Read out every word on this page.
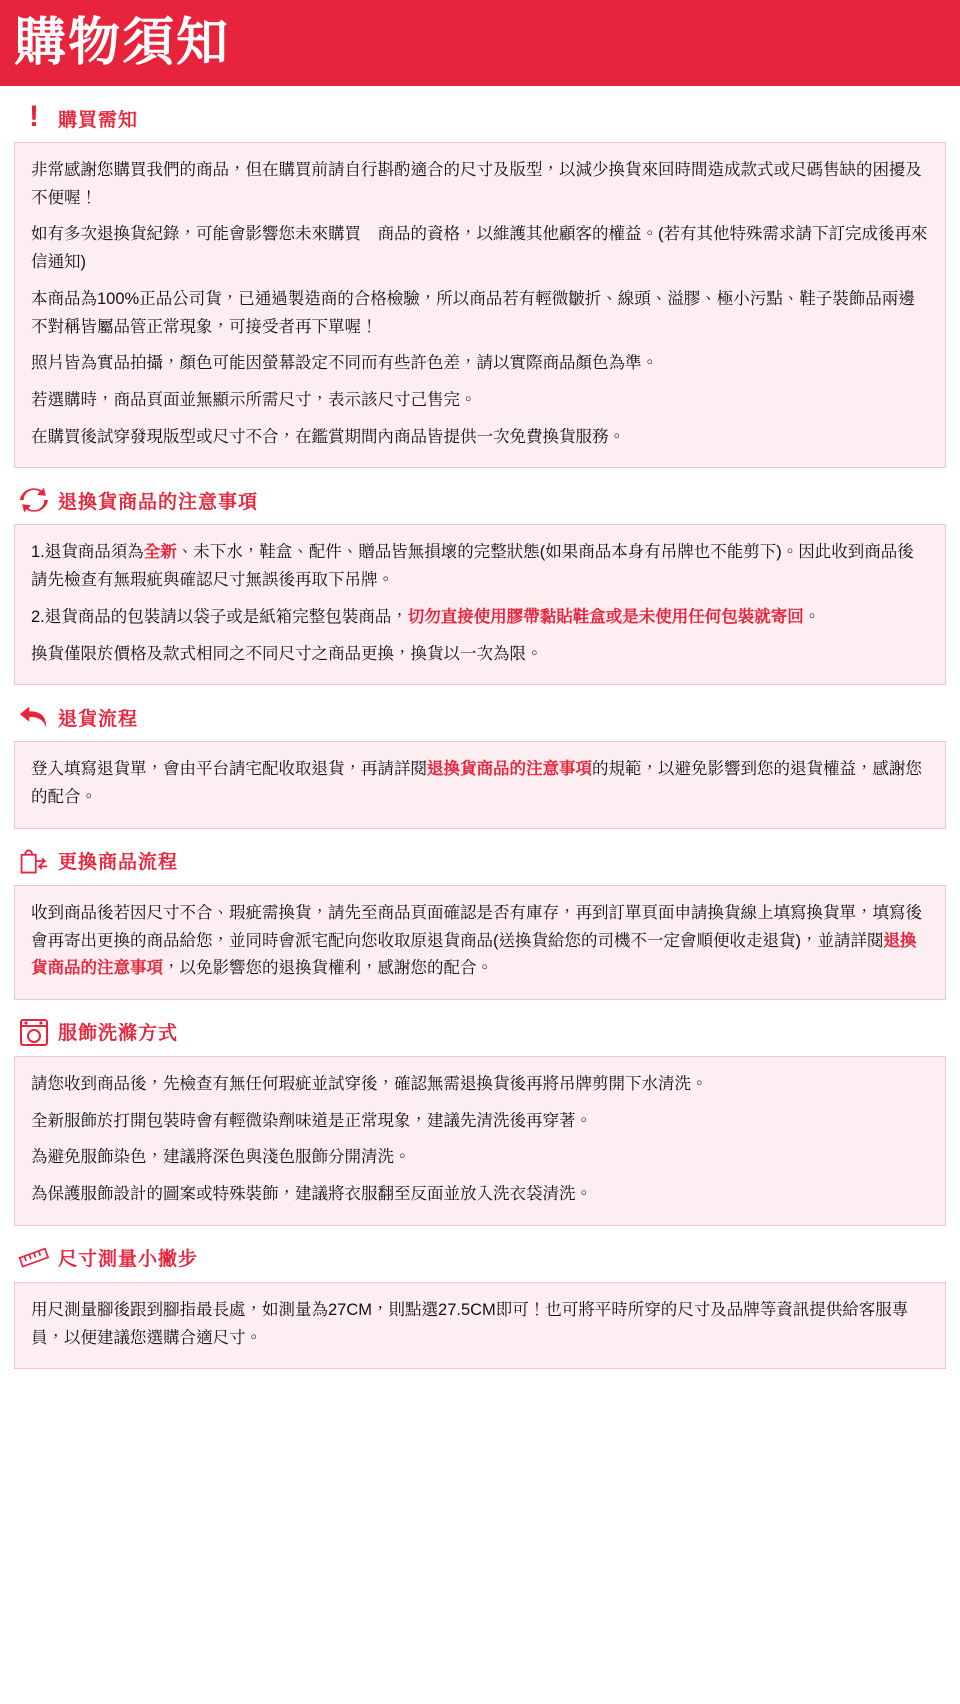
購物須知
! 購買需知

非常感謝您購買我們的商品，但在購買前請自行斟酌適合的尺寸及版型，以減少換貨來回時間造成款式或尺碼售缺的困擾及不便喔！

如有多次退換貨紀錄，可能會影響您未來購買　商品的資格，以維護其他顧客的權益。(若有其他特殊需求請下訂完成後再來信通知)

本商品為100%正品公司貨，已通過製造商的合格檢驗，所以商品若有輕微皺折、線頭、溢膠、極小污點、鞋子裝飾品兩邊不對稱皆屬品管正常現象，可接受者再下單喔！

照片皆為實品拍攝，顏色可能因螢幕設定不同而有些許色差，請以實際商品顏色為準。

若選購時，商品頁面並無顯示所需尺寸，表示該尺寸己售完。

在購買後試穿發現版型或尺寸不合，在鑑賞期間內商品皆提供一次免費換貨服務。

退換貨商品的注意事項

1.退貨商品須為全新、未下水，鞋盒、配件、贈品皆無損壞的完整狀態(如果商品本身有吊牌也不能剪下)。因此收到商品後請先檢查有無瑕疵與確認尺寸無誤後再取下吊牌。

2.退貨商品的包裝請以袋子或是紙箱完整包裝商品，切勿直接使用膠帶黏貼鞋盒或是未使用任何包裝就寄回。

換貨僅限於價格及款式相同之不同尺寸之商品更換，換貨以一次為限。

退貨流程

登入填寫退貨單，會由平台請宅配收取退貨，再請詳閱退換貨商品的注意事項的規範，以避免影響到您的退貨權益，感謝您的配合。

更換商品流程

收到商品後若因尺寸不合、瑕疵需換貨，請先至商品頁面確認是否有庫存，再到訂單頁面申請換貨線上填寫換貨單，填寫後會再寄出更換的商品給您，並同時會派宅配向您收取原退貨商品(送換貨給您的司機不一定會順便收走退貨)，並請詳閱退換貨商品的注意事項，以免影響您的退換貨權利，感謝您的配合。

服飾洗滌方式

請您收到商品後，先檢查有無任何瑕疵並試穿後，確認無需退換貨後再將吊牌剪開下水清洗。

全新服飾於打開包裝時會有輕微染劑味道是正常現象，建議先清洗後再穿著。

為避免服飾染色，建議將深色與淺色服飾分開清洗。

為保護服飾設計的圖案或特殊裝飾，建議將衣服翻至反面並放入洗衣袋清洗。

尺寸測量小撇步

用尺測量腳後跟到腳指最長處，如測量為27CM，則點選27.5CM即可！也可將平時所穿的尺寸及品牌等資訊提供給客服專員，以便建議您選購合適尺寸。
